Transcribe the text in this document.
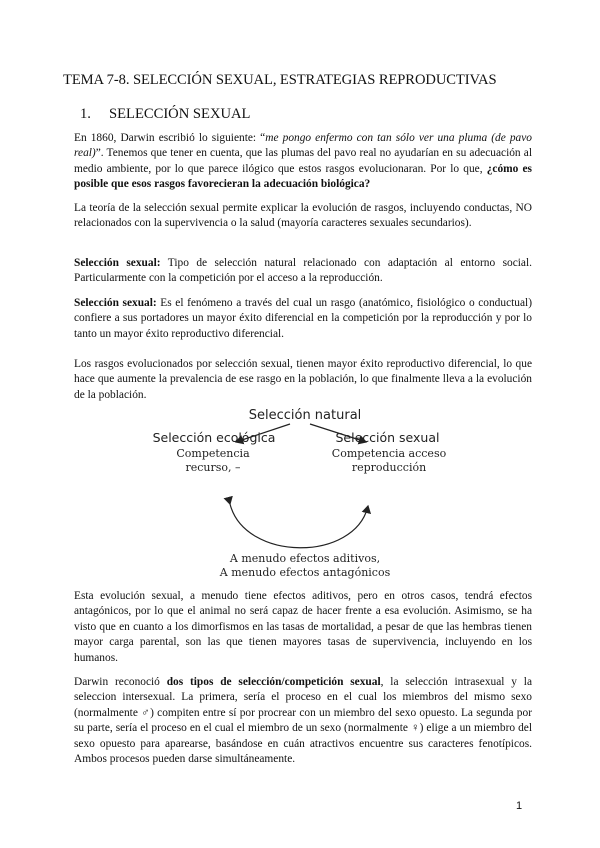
TEMA 7-8. SELECCIÓN SEXUAL, ESTRATEGIAS REPRODUCTIVAS
1. SELECCIÓN SEXUAL
En 1860, Darwin escribió lo siguiente: “me pongo enfermo con tan sólo ver una pluma (de pavo real)”. Tenemos que tener en cuenta, que las plumas del pavo real no ayudarían en su adecuación al medio ambiente, por lo que parece ilógico que estos rasgos evolucionaran. Por lo que, ¿cómo es posible que esos rasgos favorecieran la adecuación biológica?
La teoría de la selección sexual permite explicar la evolución de rasgos, incluyendo conductas, NO relacionados con la supervivencia o la salud (mayoría caracteres sexuales secundarios).
Selección sexual: Tipo de selección natural relacionado con adaptación al entorno social. Particularmente con la competición por el acceso a la reproducción.
Selección sexual: Es el fenómeno a través del cual un rasgo (anatómico, fisiológico o conductual) confiere a sus portadores un mayor éxito diferencial en la competición por la reproducción y por lo tanto un mayor éxito reproductivo diferencial.
Los rasgos evolucionados por selección sexual, tienen mayor éxito reproductivo diferencial, lo que hace que aumente la prevalencia de ese rasgo en la población, lo que finalmente lleva a la evolución de la población.
Selección natural
Selección ecológica
Competencia
recurso, –
Selección sexual
Competencia acceso
reproducción
A menudo efectos aditivos,
A menudo efectos antagónicos
Esta evolución sexual, a menudo tiene efectos aditivos, pero en otros casos, tendrá efectos antagónicos, por lo que el animal no será capaz de hacer frente a esa evolución. Asimismo, se ha visto que en cuanto a los dimorfismos en las tasas de mortalidad, a pesar de que las hembras tienen mayor carga parental, son las que tienen mayores tasas de supervivencia, incluyendo en los humanos.
Darwin reconoció dos tipos de selección/competición sexual, la selección intrasexual y la seleccion intersexual. La primera, sería el proceso en el cual los miembros del mismo sexo (normalmente ♂) compiten entre sí por procrear con un miembro del sexo opuesto. La segunda por su parte, sería el proceso en el cual el miembro de un sexo (normalmente ♀) elige a un miembro del sexo opuesto para aparearse, basándose en cuán atractivos encuentre sus caracteres fenotípicos. Ambos procesos pueden darse simultáneamente.
1
